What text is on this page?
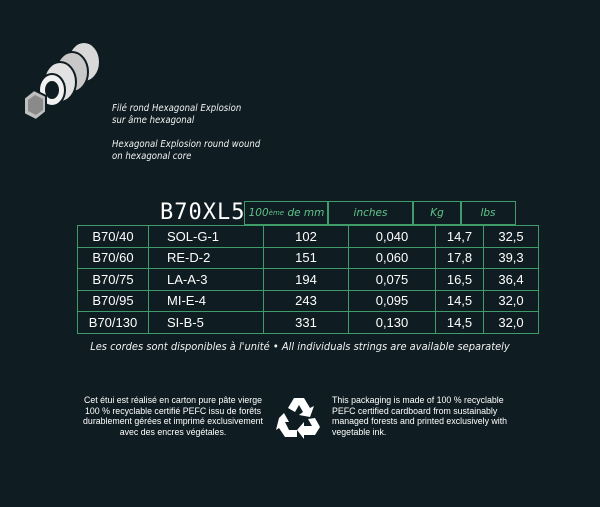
Filé rond Hexagonal Explosion
sur âme hexagonal
Hexagonal Explosion round wound
on hexagonal core
B70XL5 100 ème de mm	inches	Kg	lbs
B70/40	SOL-G-1	102	0,040	14,7	32,5
B70/60	RE-D-2	151	0,060	17,8	39,3
B70/75	LA-A-3	194	0,075	16,5	36,4
B70/95	MI-E-4	243	0,095	14,5	32,0
B70/130	SI-B-5	331	0,130	14,5	32,0
Les cordes sont disponibles à l'unité • All individuals strings are available separately
Cet étui est réalisé en carton pure pâte vierge 100 % recyclable certifié PEFC issu de forêts durablement gérées et imprimé exclusivement avec des encres végétales.
This packaging is made of 100 % recyclable PEFC certified cardboard from sustainably managed forests and printed exclusively with vegetable ink.
